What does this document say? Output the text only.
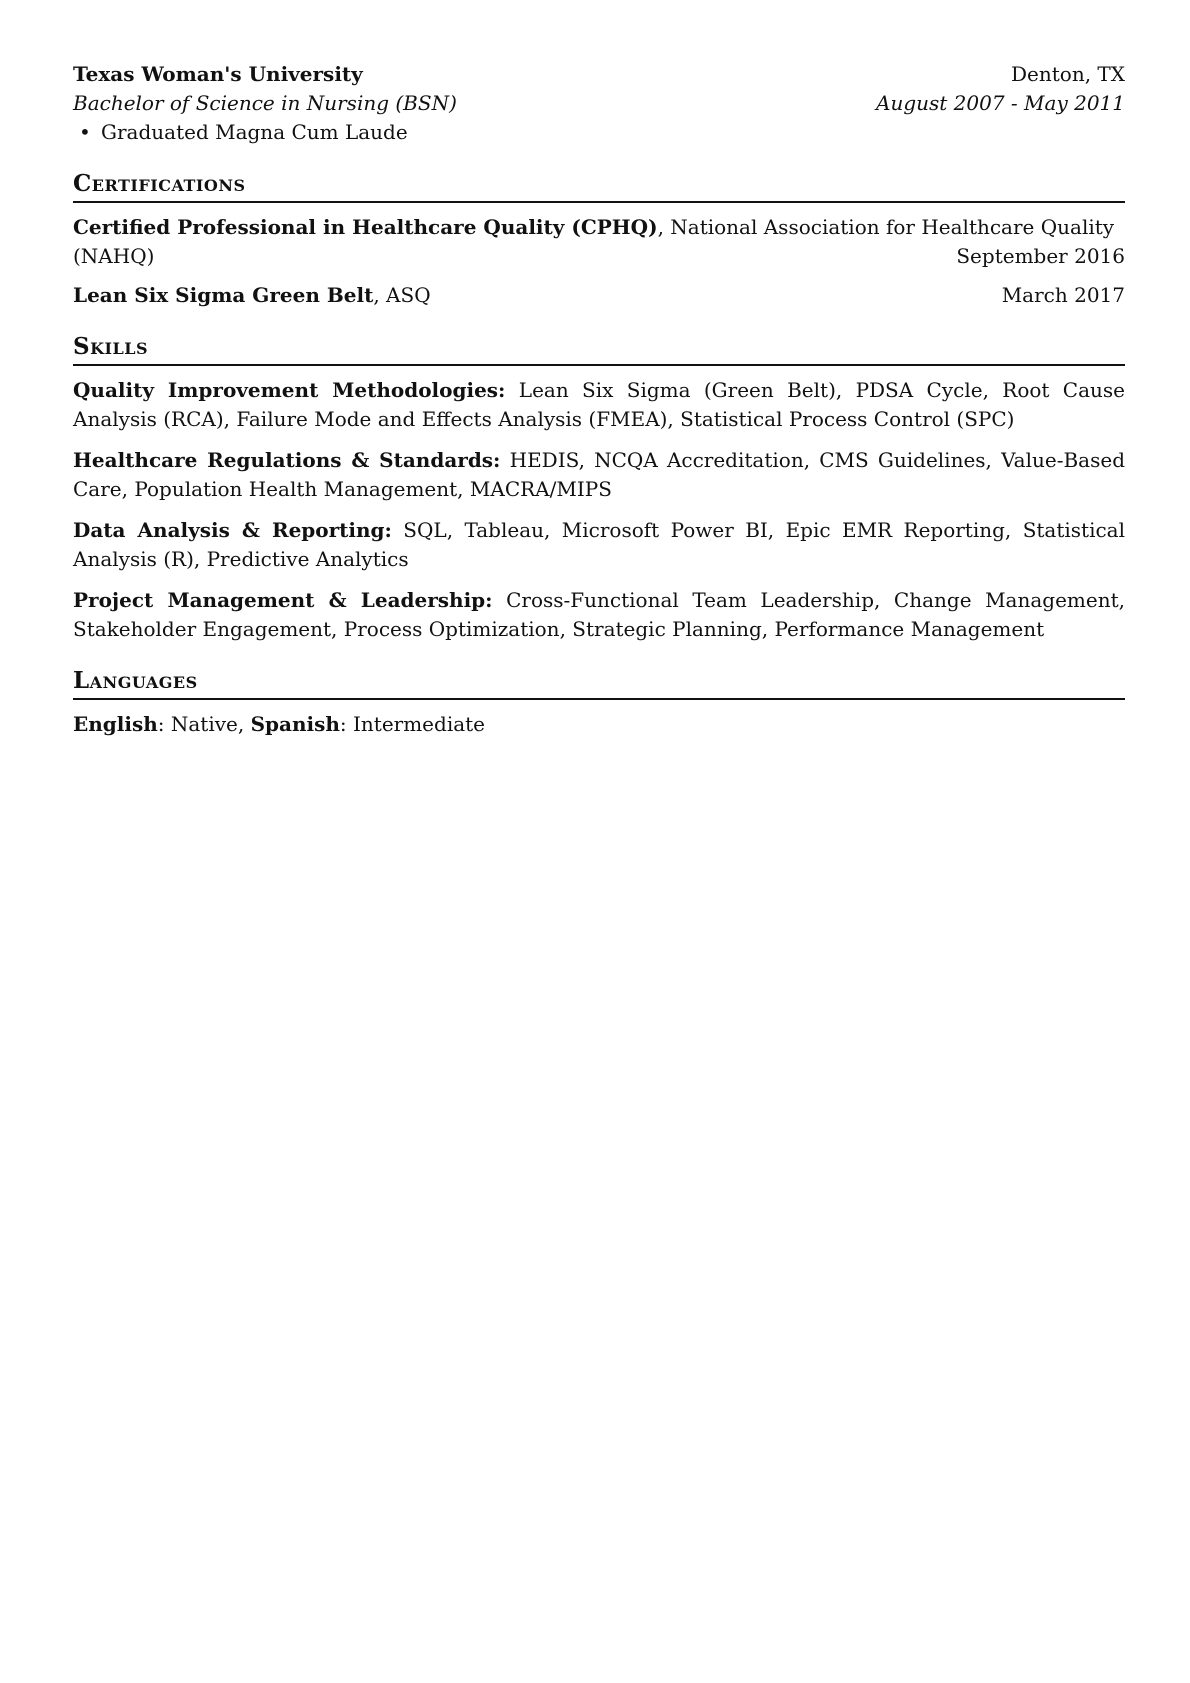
Texas Woman's University	Denton, TX
Bachelor of Science in Nursing (BSN)	August 2007 - May 2011
• Graduated Magna Cum Laude
Certifications
Certified Professional in Healthcare Quality (CPHQ), National Association for Healthcare Quality
(NAHQ)	September 2016
Lean Six Sigma Green Belt, ASQ	March 2017
Skills
Quality Improvement Methodologies: Lean Six Sigma (Green Belt), PDSA Cycle, Root Cause Analysis (RCA), Failure Mode and Effects Analysis (FMEA), Statistical Process Control (SPC)
Healthcare Regulations & Standards: HEDIS, NCQA Accreditation, CMS Guidelines, Value-Based Care, Population Health Management, MACRA/MIPS
Data Analysis & Reporting: SQL, Tableau, Microsoft Power BI, Epic EMR Reporting, Statistical Analysis (R), Predictive Analytics
Project Management & Leadership: Cross-Functional Team Leadership, Change Management, Stakeholder Engagement, Process Optimization, Strategic Planning, Performance Management
Languages
English: Native, Spanish: Intermediate
